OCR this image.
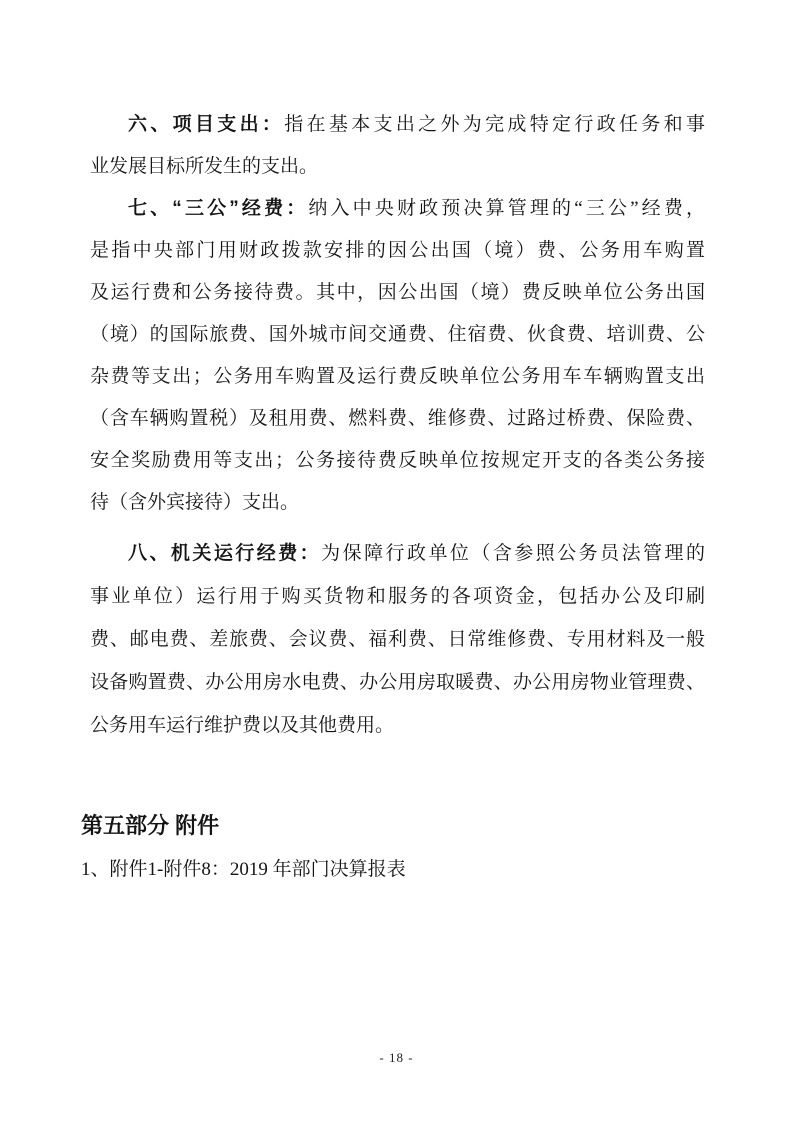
六、项目支出：指在基本支出之外为完成特定行政任务和事
业发展目标所发生的支出。
七、“三公”经费：纳入中央财政预决算管理的“三公”经费，
是指中央部门用财政拨款安排的因公出国（境）费、公务用车购置
及运行费和公务接待费。其中，因公出国（境）费反映单位公务出国
（境）的国际旅费、国外城市间交通费、住宿费、伙食费、培训费、公
杂费等支出；公务用车购置及运行费反映单位公务用车车辆购置支出
（含车辆购置税）及租用费、燃料费、维修费、过路过桥费、保险费、
安全奖励费用等支出；公务接待费反映单位按规定开支的各类公务接
待（含外宾接待）支出。
八、机关运行经费：为保障行政单位（含参照公务员法管理的
事业单位）运行用于购买货物和服务的各项资金，包括办公及印刷
费、邮电费、差旅费、会议费、福利费、日常维修费、专用材料及一般
设备购置费、办公用房水电费、办公用房取暖费、办公用房物业管理费、
公务用车运行维护费以及其他费用。
第五部分 附件
1、附件1-附件8：2019 年部门决算报表
- 18 -
